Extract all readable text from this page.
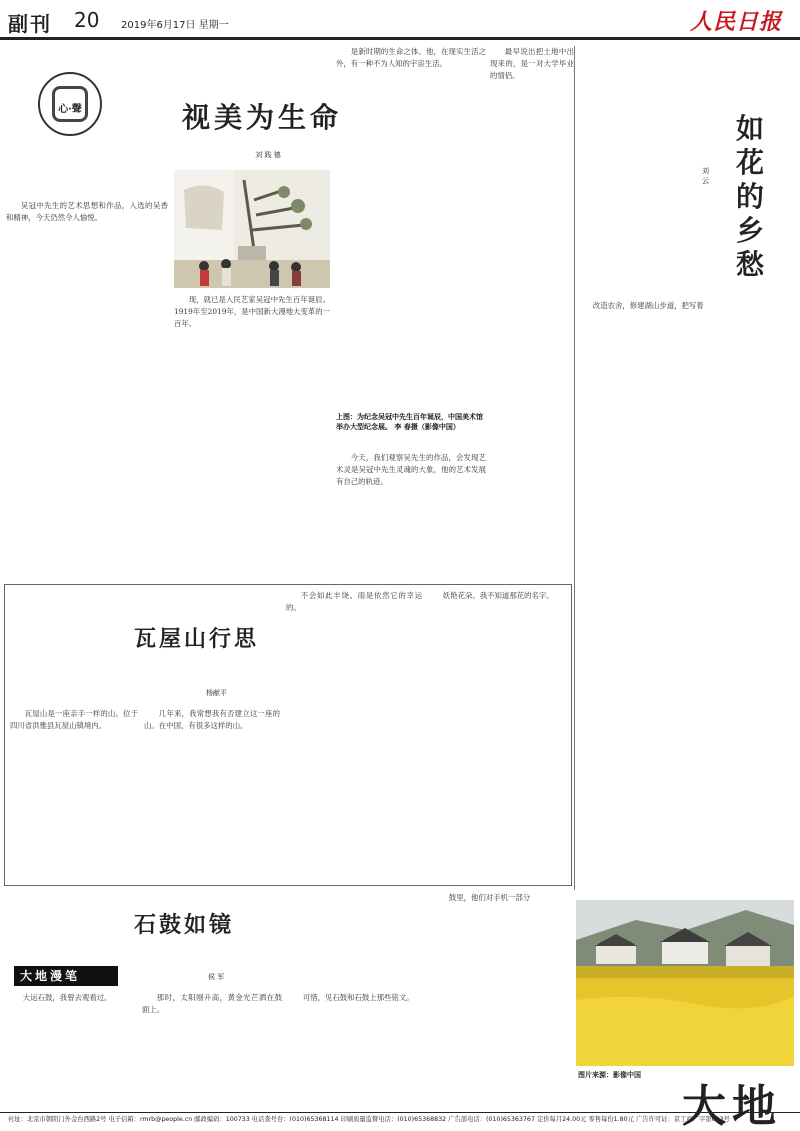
副刊 20 2019年6月17日 星期一	人民日报
心·聲	视美为生命
刘 践 德

吴冠中先生的艺术思想和作品，入选的吴香和精神，今天仍然令人愉悦。

现，就已是入民艺家吴冠中先生百年诞辰。1919年至2019年，是中国新大漫地大变革的一百年。

上图：为纪念吴冠中先生百年诞辰，中国美术馆举办大型纪念展。 李 春摄（影像中国）

是新时期的生命之体。他，在现实生活之外，有一种不为人知的宇宙生活。

今天，我们观察吴先生的作品，会发现艺术灵是吴冠中先生灵魂的大象，他的艺术发展有自己的轨迹。

最早说出把土地中出现来的，是一对大学毕业的情侣。

如花的乡愁
刘 云

改造农舍，修建湖山步道，把写着

瓦屋山行思
杨献平

瓦屋山是一座亲手一样的山。位于四川省洪雅县瓦屋山镇境内。

几年来，我常想我有否建立这一座的山。在中国，有很多这样的山。

不会如此丰饶。雨是依然它的幸运的。

妖艳花朵。我不知道那花的名字。

石鼓如镜
侯 军
大地漫笔

大运石鼓，我曾去观看过。	那时，太阳刚升高，黄金光芒洒在鼓面上。

可惜，见石鼓和石鼓上那些铭文。

鼓里，他们对手机一部分

图片来源：影像中国
大地
社址：北京市朝阳门外金台西路2号 电子信箱：rmrb@people.cn 邮政编码：100733 电话查号台：(010)65368114 印刷质量监督电话：(010)65368832 广告部电话：(010)65363767 定价每月24.00元 零售每份1.80元 广告许可证：京工商广字第003号
